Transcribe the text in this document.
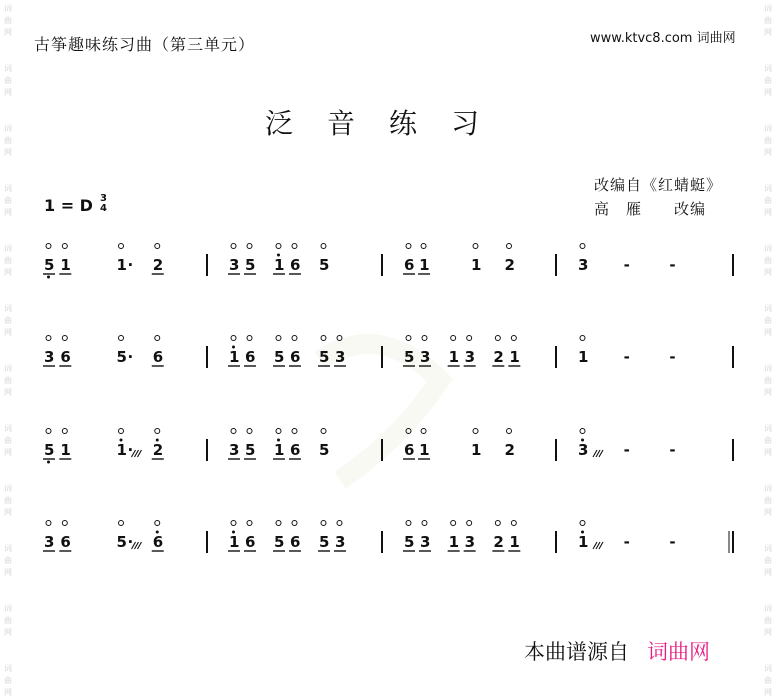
词
曲
网
词
曲
网
词
曲
网
词
曲
网
词
曲
网
词
曲
网
词
曲
网
词
曲
网
词
曲
网
词
曲
网
词
曲
网
词
曲
网
词
曲
网
词
曲
网
词
曲
网
词
曲
网
词
曲
网
词
曲
网
词
曲
网
词
曲
网
词
曲
网
词
曲
网
词
曲
网
词
曲
网
古筝趣味练习曲（第三单元）	www.ktvc8.com 词曲网
泛音练习
1 = D 3
4
改编自《红蜻蜓》
高　雁　　改编
5 1	1 · 2	3 5 1 6 5	6 1	1 2	3 -	-
3 6	5 · 6	1 6 5 6 5 3	5 3 1 3 2 1	1 -	-
5 1	1 · 2	3 5 1 6 5	6 1	1 2	3 -	-
3 6	5 · 6	1 6 5 6 5 3	5 3 1 3 2 1	1 -	-
本曲谱源自 词曲网
